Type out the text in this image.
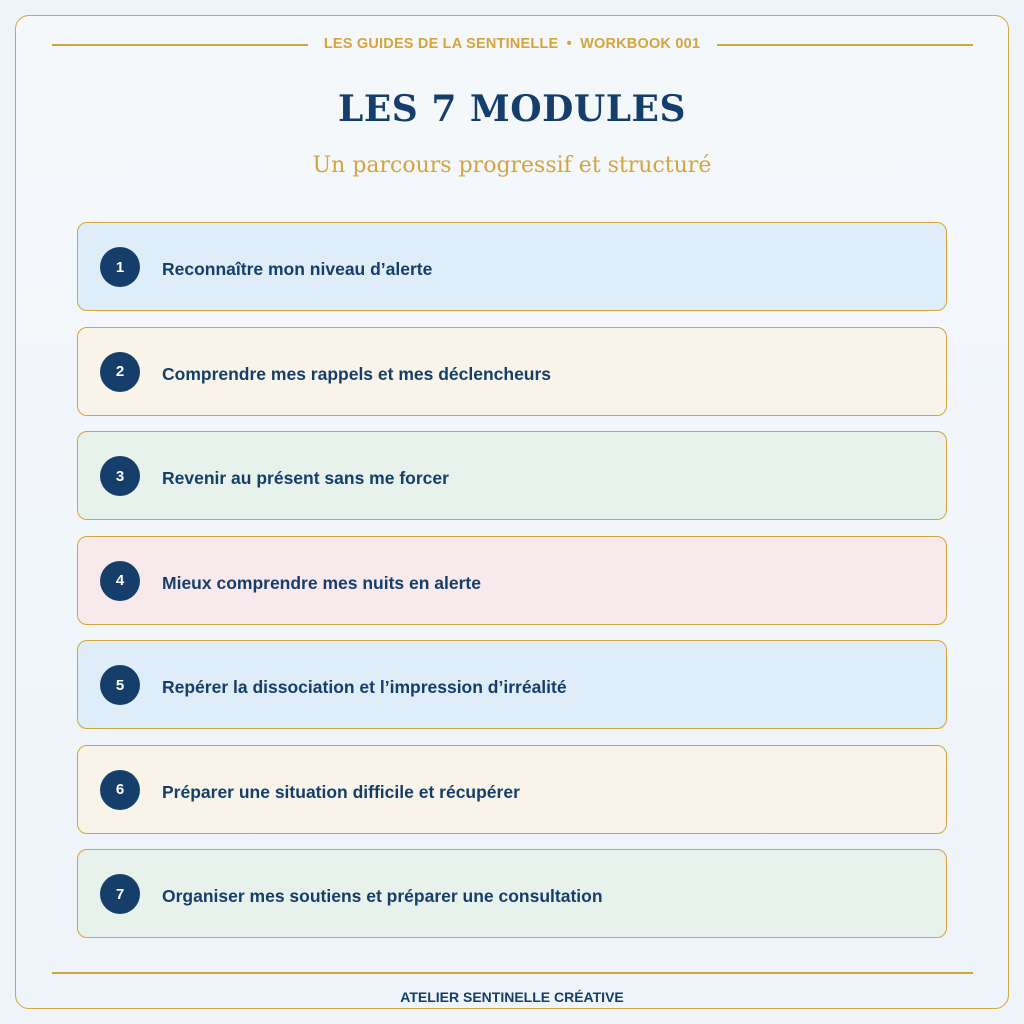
LES GUIDES DE LA SENTINELLE • WORKBOOK 001
LES 7 MODULES
Un parcours progressif et structuré
1	Reconnaître mon niveau d’alerte
2	Comprendre mes rappels et mes déclencheurs
3	Revenir au présent sans me forcer
4	Mieux comprendre mes nuits en alerte
5	Repérer la dissociation et l’impression d’irréalité
6	Préparer une situation difficile et récupérer
7	Organiser mes soutiens et préparer une consultation
ATELIER SENTINELLE CRÉATIVE
